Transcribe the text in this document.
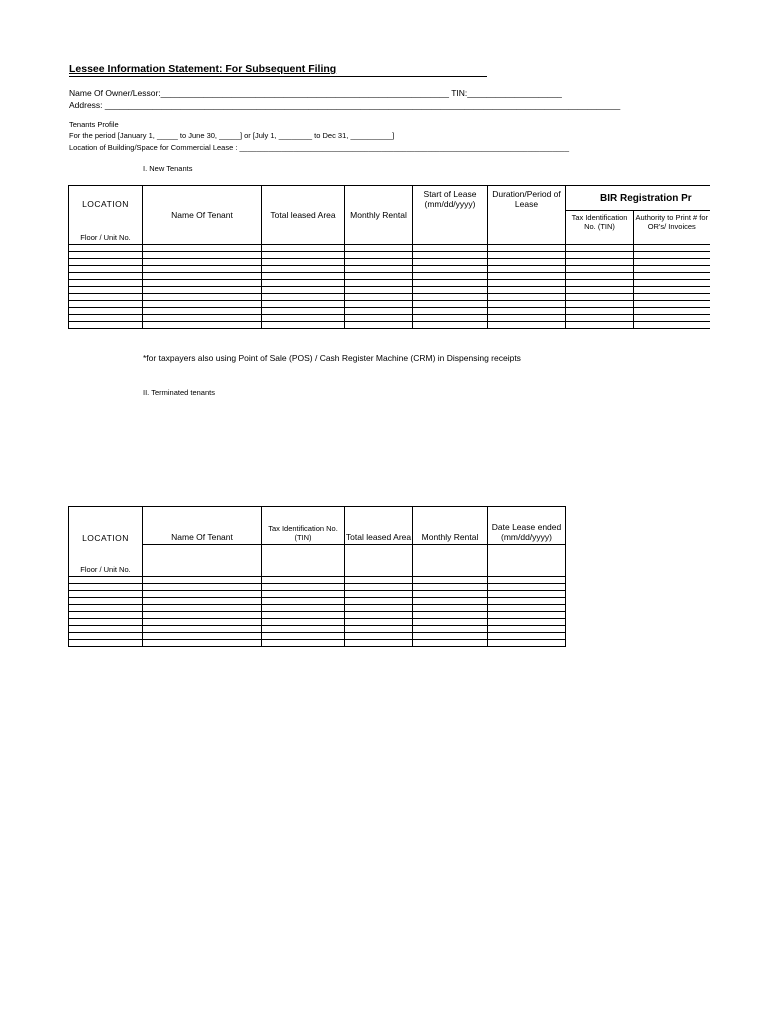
Lessee Information Statement: For Subsequent Filing
Name Of Owner/Lessor:_____________________________________________________________ TIN:____________________
Address: _____________________________________________________________________________________________________________
Tenants Profile
For the period [January 1, _____ to June 30, _____] or [July 1, ________ to Dec 31, __________]
Location of Building/Space for Commercial Lease : _______________________________________________________________________________
I. New Tenants
LOCATION	Name Of Tenant	Total leased Area	Monthly Rental	Start of Lease (mm/dd/yyyy)	Duration/Period of Lease	BIR Registration Pr	

Floor / Unit No.						Tax Identification No. (TIN)	Authority to Print # for OR's/ Invoices

*for taxpayers also using Point of Sale (POS) / Cash Register Machine (CRM) in Dispensing receipts
II. Terminated tenants
LOCATION	Name Of Tenant	Tax Identification No. (TIN)	Total leased Area	Monthly Rental	Date Lease ended (mm/dd/yyyy)
Floor / Unit No.					
